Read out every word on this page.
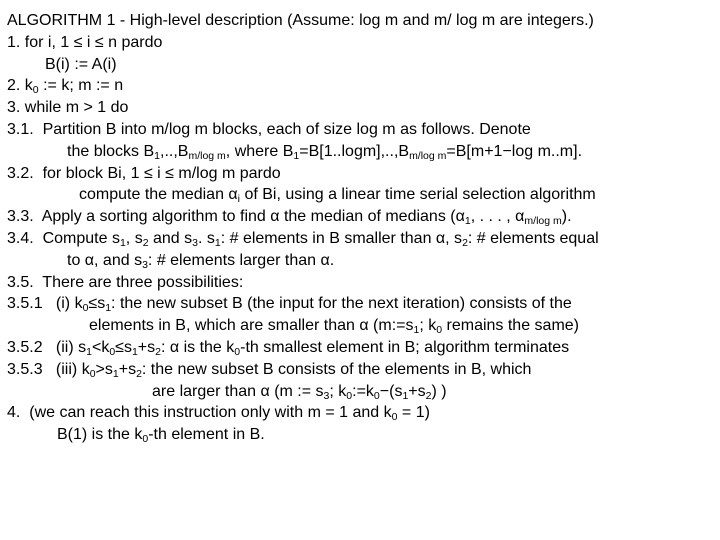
ALGORITHM 1 - High-level description (Assume: log m and m/ log m are integers.)
1. for i, 1 ≤ i ≤ n pardo
B(i) := A(i)
2. $k_0$ := k; m := n
3. while m > 1 do
3.1.  Partition B into m/log m blocks, each of size log m as follows. Denote
the blocks $B_1,..,B_{m/log m}$, where $B_1=B[1..\log m],..,B_{m/log m}=B[m+1-\log$ m..m].
3.2.  for block Bi, 1 ≤ i ≤ m/log m pardo
compute the median $\alpha_i$ of Bi, using a linear time serial selection algorithm
3.3.  Apply a sorting algorithm to find α the median of medians ($\alpha_1$, . . . , $\alpha_{m/log m}$).
3.4.  Compute $s_1$, $s_2$ and $s_3$. $s_1$: # elements in B smaller than α, $s_2$: # elements equal
to α, and $s_3$: # elements larger than α.
3.5.  There are three possibilities:
3.5.1   (i) $k_0\le s_1$: the new subset B (the input for the next iteration) consists of the
elements in B, which are smaller than α ($m:=s_1$; $k_0$ remains the same)
3.5.2   (ii) $s_1<k_0\le s_1+s_2$: α is the $k_0-th$ smallest element in B; algorithm terminates
3.5.3   (iii) $k_0>s_1+s_2$: the new subset B consists of the elements in B, which
are larger than α (m := $s_3$; $k_0:=k_0-(s_1+s_2)$ )
4.  (we can reach this instruction only with m = 1 and $k_0 = 1$)
B(1) is the $k_0-th$ element in B.
